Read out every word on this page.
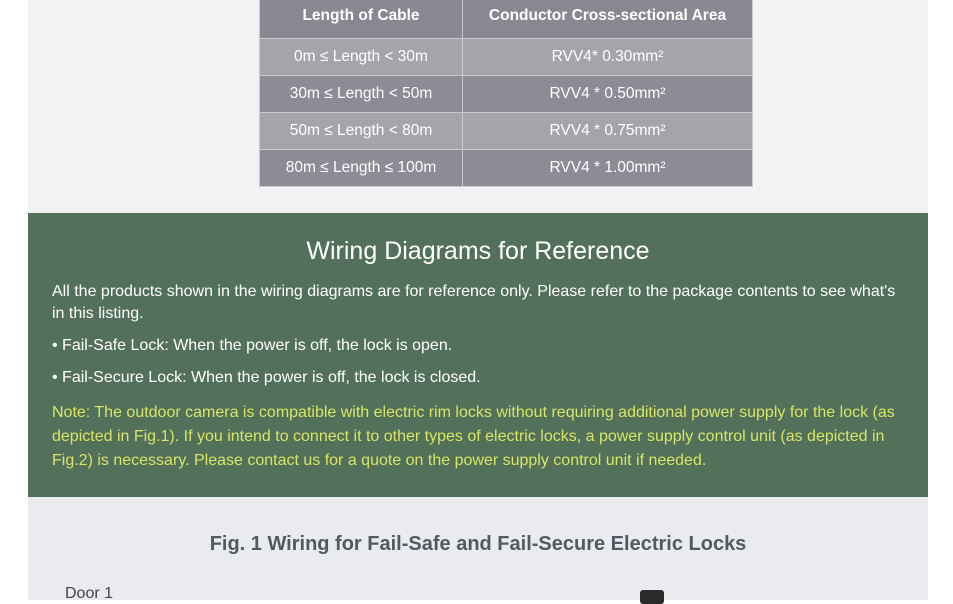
Length of Cable	Conductor Cross-sectional Area
0m ≤ Length < 30m	RVV4* 0.30mm²
30m ≤ Length < 50m	RVV4 * 0.50mm²
50m ≤ Length < 80m	RVV4 * 0.75mm²
80m ≤ Length ≤ 100m	RVV4 * 1.00mm²
Wiring Diagrams for Reference
All the products shown in the wiring diagrams are for reference only. Please refer to the package contents to see what's in this listing.
• Fail-Safe Lock: When the power is off, the lock is open.
• Fail-Secure Lock: When the power is off, the lock is closed.
Note: The outdoor camera is compatible with electric rim locks without requiring additional power supply for the lock (as depicted in Fig.1). If you intend to connect it to other types of electric locks, a power supply control unit (as depicted in Fig.2) is necessary. Please contact us for a quote on the power supply control unit if needed.
Fig. 1 Wiring for Fail-Safe and Fail-Secure Electric Locks
Door 1
